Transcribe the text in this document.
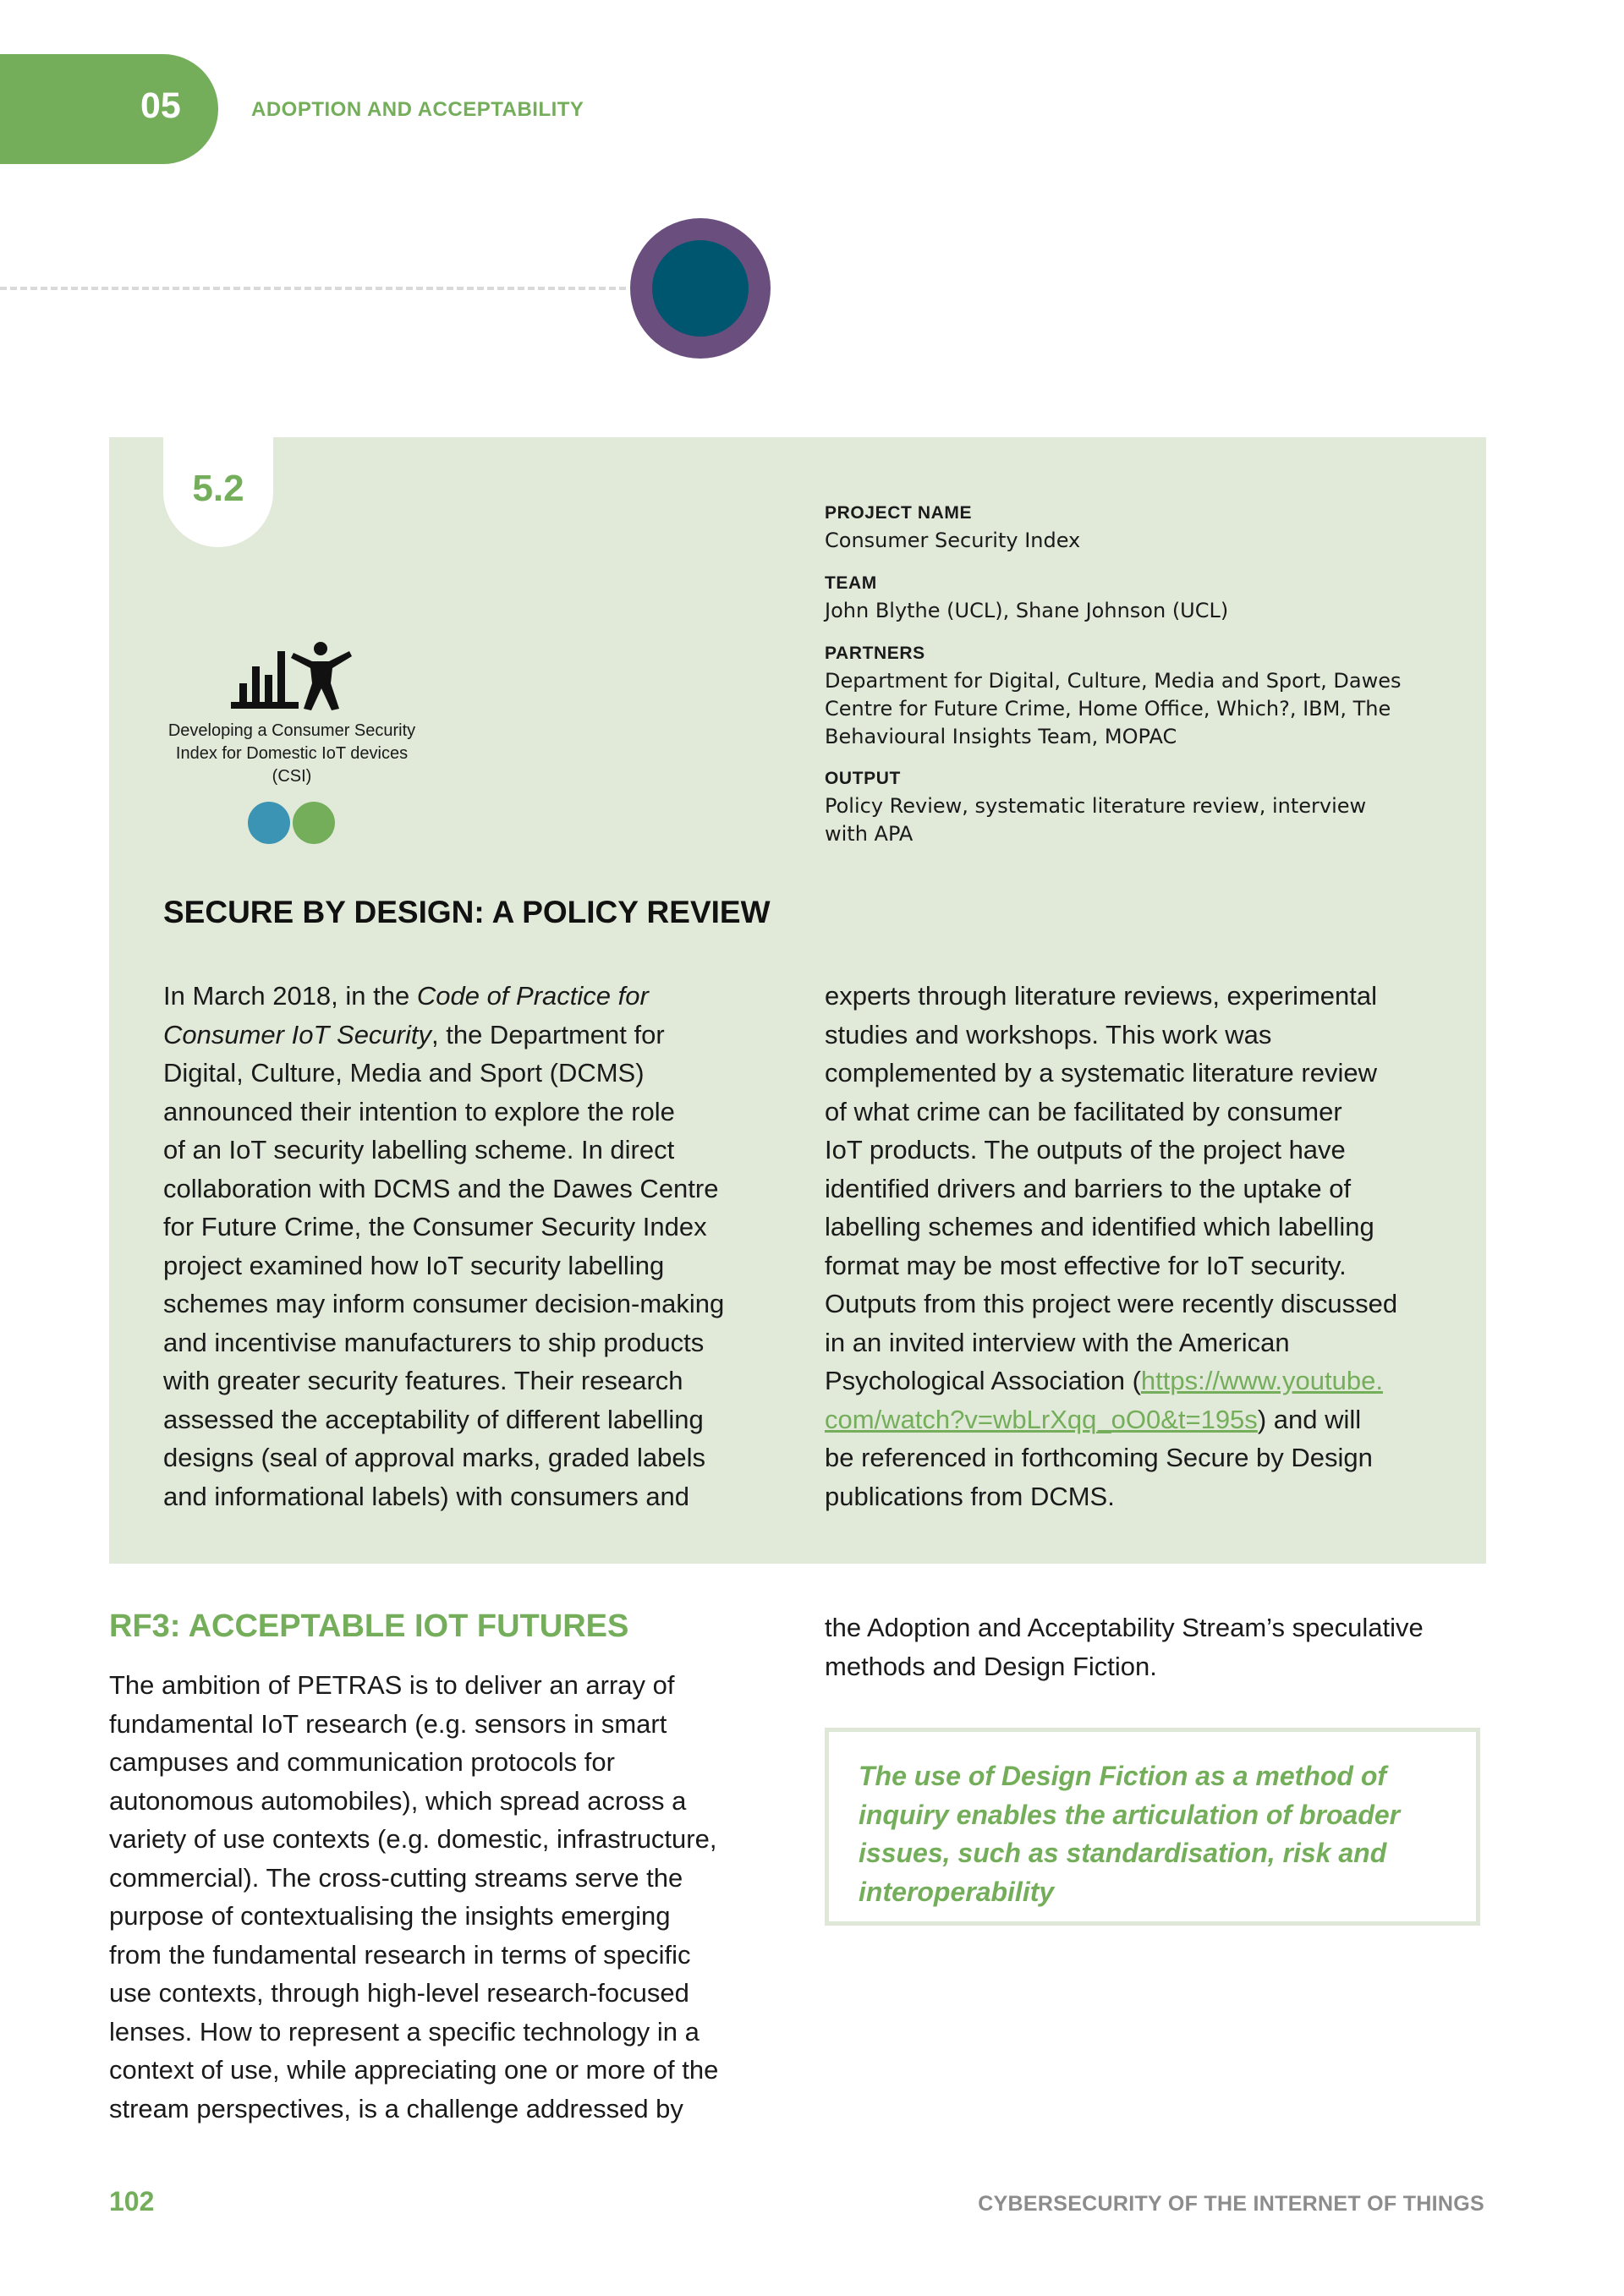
05	ADOPTION AND ACCEPTABILITY
5.2
Developing a Consumer Security
Index for Domestic IoT devices
(CSI)
PROJECT NAME
Consumer Security Index
TEAM
John Blythe (UCL), Shane Johnson (UCL)
PARTNERS
Department for Digital, Culture, Media and Sport, Dawes
Centre for Future Crime, Home Office, Which?, IBM, The
Behavioural Insights Team, MOPAC
OUTPUT
Policy Review, systematic literature review, interview
with APA
SECURE BY DESIGN: A POLICY REVIEW
In March 2018, in the Code of Practice for
Consumer IoT Security, the Department for
Digital, Culture, Media and Sport (DCMS)
announced their intention to explore the role
of an IoT security labelling scheme. In direct
collaboration with DCMS and the Dawes Centre
for Future Crime, the Consumer Security Index
project examined how IoT security labelling
schemes may inform consumer decision-making
and incentivise manufacturers to ship products
with greater security features. Their research
assessed the acceptability of different labelling
designs (seal of approval marks, graded labels
and informational labels) with consumers and
experts through literature reviews, experimental
studies and workshops. This work was
complemented by a systematic literature review
of what crime can be facilitated by consumer
IoT products. The outputs of the project have
identified drivers and barriers to the uptake of
labelling schemes and identified which labelling
format may be most effective for IoT security.
Outputs from this project were recently discussed
in an invited interview with the American
Psychological Association (https://www.youtube.
com/watch?v=wbLrXqq_oO0&t=195s) and will
be referenced in forthcoming Secure by Design
publications from DCMS.
RF3: ACCEPTABLE IOT FUTURES
The ambition of PETRAS is to deliver an array of
fundamental IoT research (e.g. sensors in smart
campuses and communication protocols for
autonomous automobiles), which spread across a
variety of use contexts (e.g. domestic, infrastructure,
commercial). The cross-cutting streams serve the
purpose of contextualising the insights emerging
from the fundamental research in terms of specific
use contexts, through high-level research-focused
lenses. How to represent a specific technology in a
context of use, while appreciating one or more of the
stream perspectives, is a challenge addressed by
the Adoption and Acceptability Stream’s speculative
methods and Design Fiction.
The use of Design Fiction as a method of
inquiry enables the articulation of broader
issues, such as standardisation, risk and
interoperability
102	CYBERSECURITY OF THE INTERNET OF THINGS
